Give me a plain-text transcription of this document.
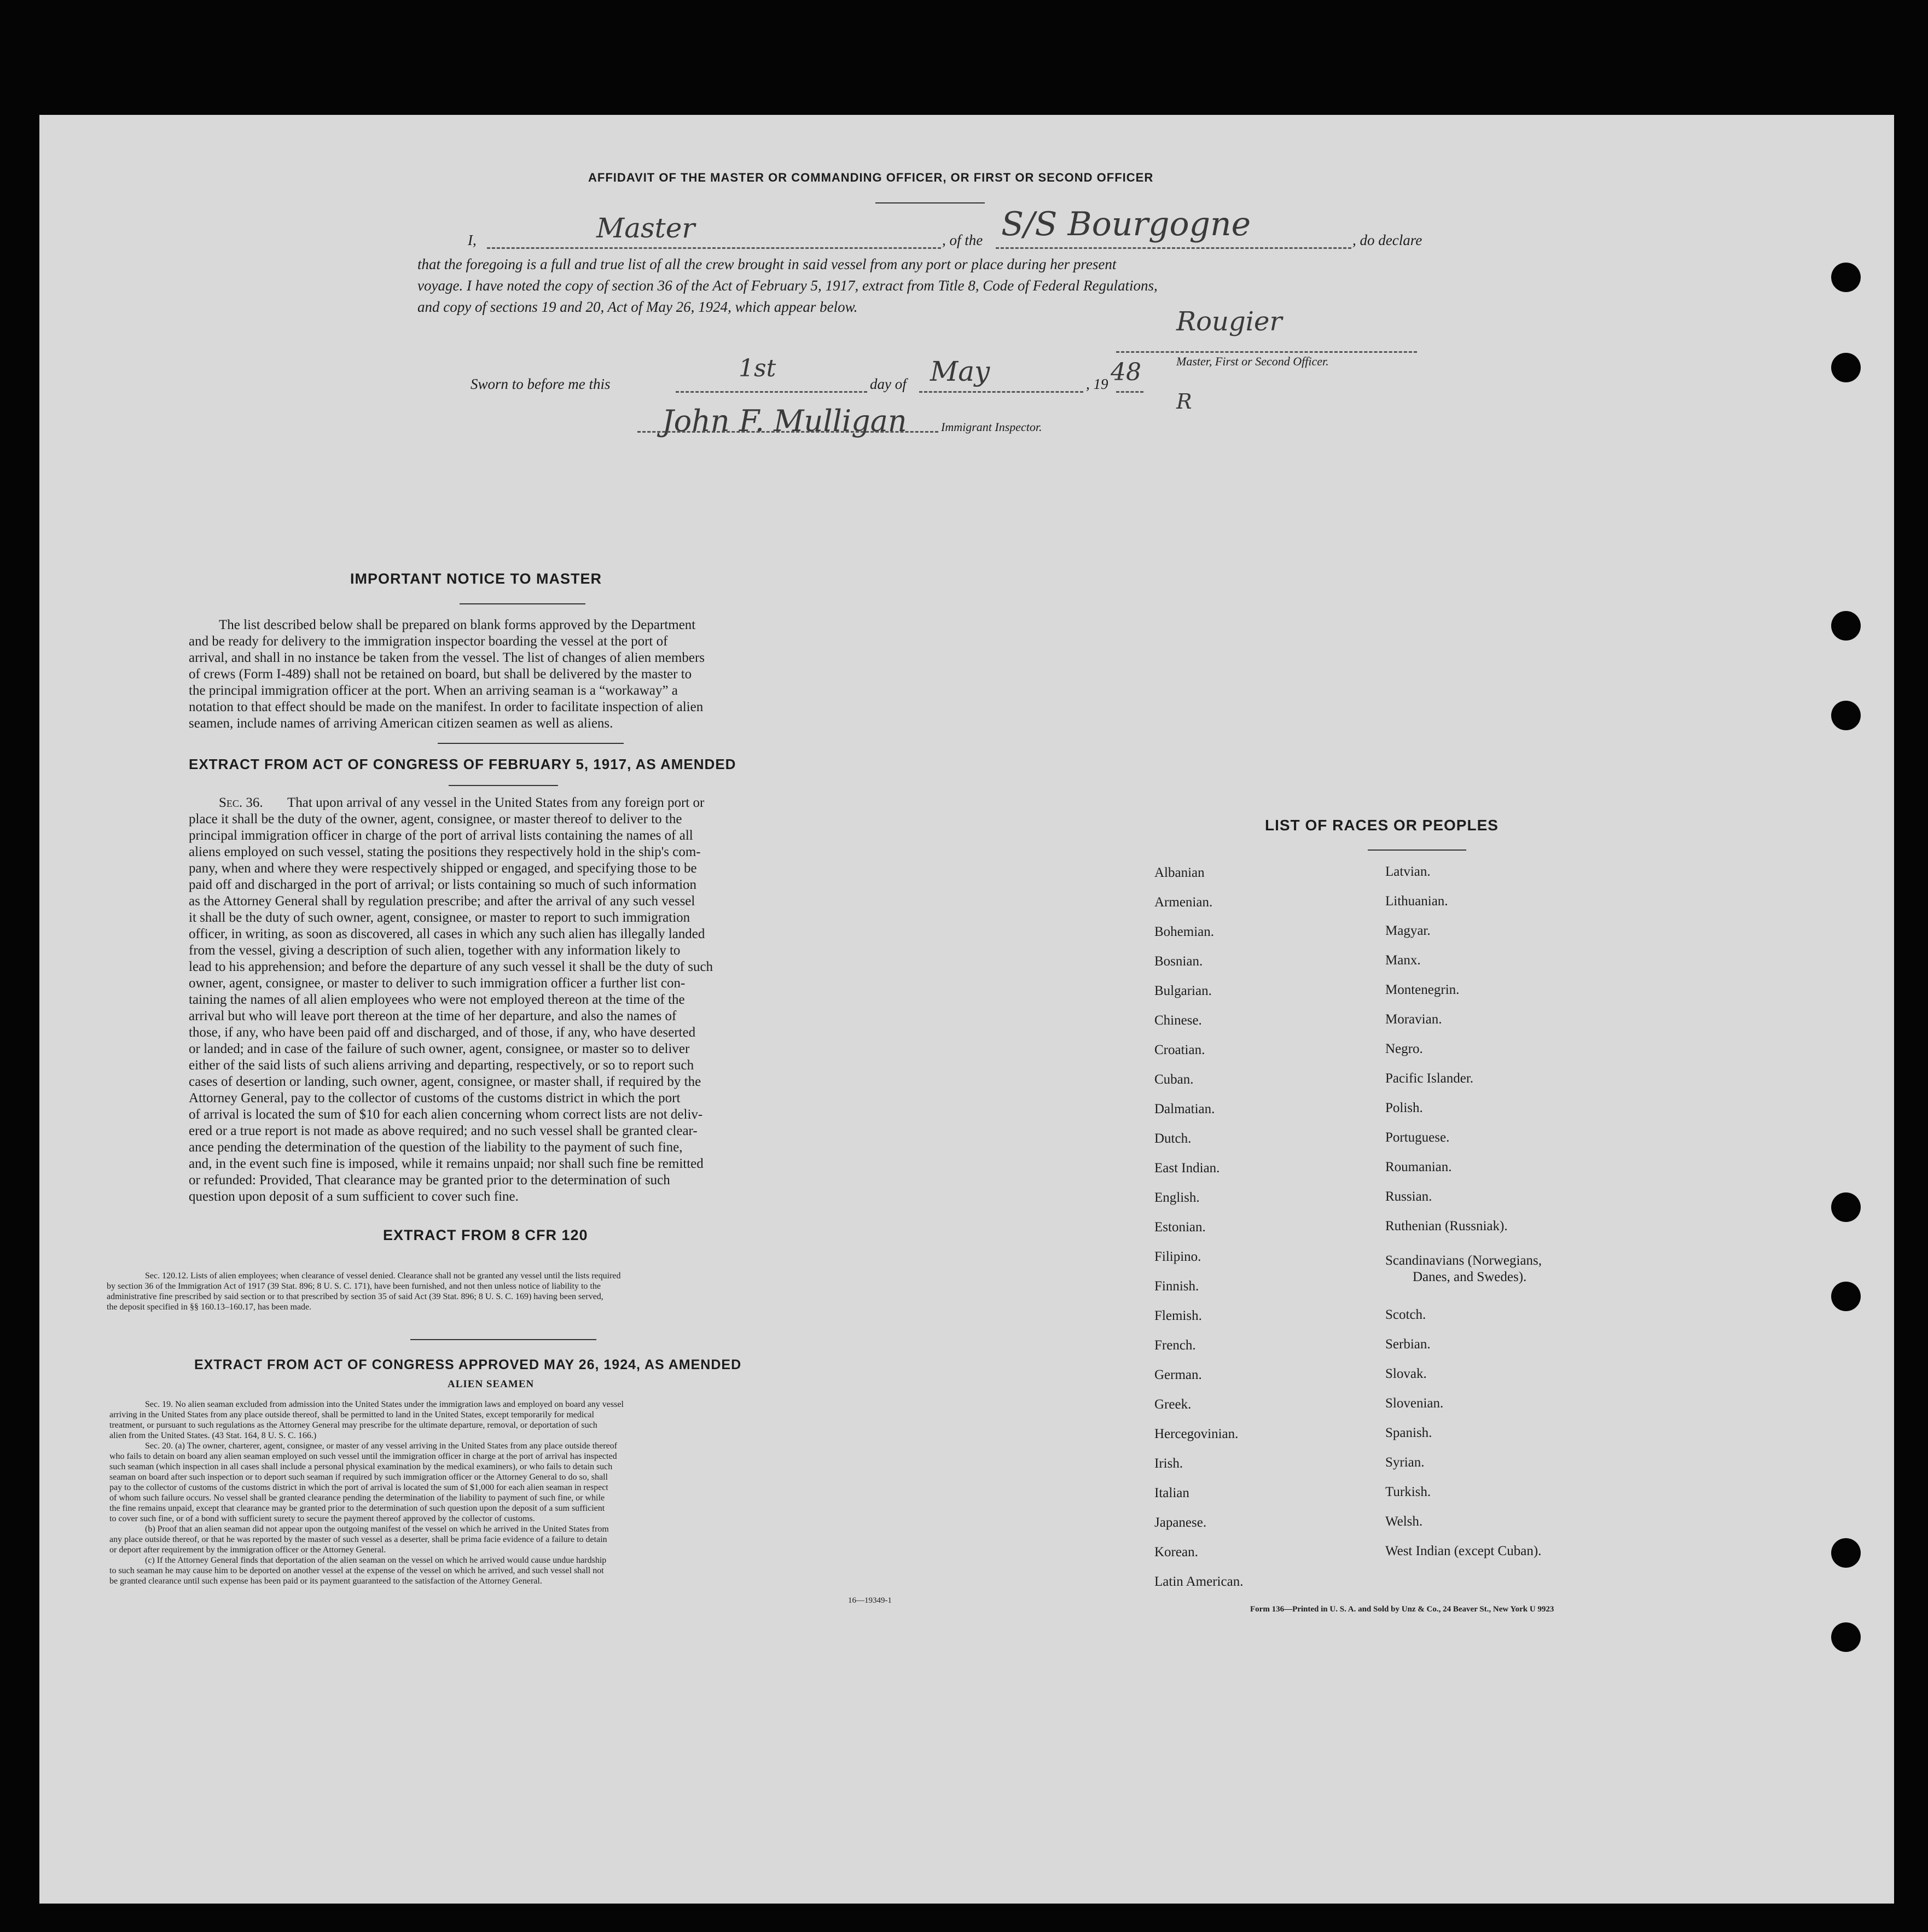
AFFIDAVIT OF THE MASTER OR COMMANDING OFFICER, OR FIRST OR SECOND OFFICER
I,	Master	, of the S/S Bourgogne	, do declare
that the foregoing is a full and true list of all the crew brought in said vessel from any port or place during her present
voyage. I have noted the copy of section 36 of the Act of February 5, 1917, extract from Title 8, Code of Federal Regulations,
and copy of sections 19 and 20, Act of May 26, 1924, which appear below.	Rougier
Master, First or Second Officer.
Sworn to before me this
1st
day of May	, 19 48
R
John F. Mulligan	Immigrant Inspector.
IMPORTANT NOTICE TO MASTER
The list described below shall be prepared on blank forms approved by the Department
and be ready for delivery to the immigration inspector boarding the vessel at the port of
arrival, and shall in no instance be taken from the vessel. The list of changes of alien members
of crews (Form I-489) shall not be retained on board, but shall be delivered by the master to
the principal immigration officer at the port. When an arriving seaman is a “workaway” a
notation to that effect should be made on the manifest. In order to facilitate inspection of alien
seamen, include names of arriving American citizen seamen as well as aliens.
EXTRACT FROM ACT OF CONGRESS OF FEBRUARY 5, 1917, AS AMENDED
Sec. 36. That upon arrival of any vessel in the United States from any foreign port or
place it shall be the duty of the owner, agent, consignee, or master thereof to deliver to the
principal immigration officer in charge of the port of arrival lists containing the names of all
aliens employed on such vessel, stating the positions they respectively hold in the ship's com-
pany, when and where they were respectively shipped or engaged, and specifying those to be
paid off and discharged in the port of arrival; or lists containing so much of such information
as the Attorney General shall by regulation prescribe; and after the arrival of any such vessel
it shall be the duty of such owner, agent, consignee, or master to report to such immigration
officer, in writing, as soon as discovered, all cases in which any such alien has illegally landed
from the vessel, giving a description of such alien, together with any information likely to
lead to his apprehension; and before the departure of any such vessel it shall be the duty of such
owner, agent, consignee, or master to deliver to such immigration officer a further list con-
taining the names of all alien employees who were not employed thereon at the time of the
arrival but who will leave port thereon at the time of her departure, and also the names of
those, if any, who have been paid off and discharged, and of those, if any, who have deserted
or landed; and in case of the failure of such owner, agent, consignee, or master so to deliver
either of the said lists of such aliens arriving and departing, respectively, or so to report such
cases of desertion or landing, such owner, agent, consignee, or master shall, if required by the
Attorney General, pay to the collector of customs of the customs district in which the port
of arrival is located the sum of $10 for each alien concerning whom correct lists are not deliv-
ered or a true report is not made as above required; and no such vessel shall be granted clear-
ance pending the determination of the question of the liability to the payment of such fine,
and, in the event such fine is imposed, while it remains unpaid; nor shall such fine be remitted
or refunded: Provided, That clearance may be granted prior to the determination of such
question upon deposit of a sum sufficient to cover such fine.
EXTRACT FROM 8 CFR 120
Sec. 120.12. Lists of alien employees; when clearance of vessel denied. Clearance shall not be granted any vessel until the lists required
by section 36 of the Immigration Act of 1917 (39 Stat. 896; 8 U. S. C. 171), have been furnished, and not then unless notice of liability to the
administrative fine prescribed by said section or to that prescribed by section 35 of said Act (39 Stat. 896; 8 U. S. C. 169) having been served,
the deposit specified in §§ 160.13–160.17, has been made.
EXTRACT FROM ACT OF CONGRESS APPROVED MAY 26, 1924, AS AMENDED
ALIEN SEAMEN
Sec. 19. No alien seaman excluded from admission into the United States under the immigration laws and employed on board any vessel
arriving in the United States from any place outside thereof, shall be permitted to land in the United States, except temporarily for medical
treatment, or pursuant to such regulations as the Attorney General may prescribe for the ultimate departure, removal, or deportation of such
alien from the United States. (43 Stat. 164, 8 U. S. C. 166.)
Sec. 20. (a) The owner, charterer, agent, consignee, or master of any vessel arriving in the United States from any place outside thereof
who fails to detain on board any alien seaman employed on such vessel until the immigration officer in charge at the port of arrival has inspected
such seaman (which inspection in all cases shall include a personal physical examination by the medical examiners), or who fails to detain such
seaman on board after such inspection or to deport such seaman if required by such immigration officer or the Attorney General to do so, shall
pay to the collector of customs of the customs district in which the port of arrival is located the sum of $1,000 for each alien seaman in respect
of whom such failure occurs. No vessel shall be granted clearance pending the determination of the liability to payment of such fine, or while
the fine remains unpaid, except that clearance may be granted prior to the determination of such question upon the deposit of a sum sufficient
to cover such fine, or of a bond with sufficient surety to secure the payment thereof approved by the collector of customs.
(b) Proof that an alien seaman did not appear upon the outgoing manifest of the vessel on which he arrived in the United States from
any place outside thereof, or that he was reported by the master of such vessel as a deserter, shall be prima facie evidence of a failure to detain
or deport after requirement by the immigration officer or the Attorney General.
(c) If the Attorney General finds that deportation of the alien seaman on the vessel on which he arrived would cause undue hardship
to such seaman he may cause him to be deported on another vessel at the expense of the vessel on which he arrived, and such vessel shall not
be granted clearance until such expense has been paid or its payment guaranteed to the satisfaction of the Attorney General.
16—19349-1
LIST OF RACES OR PEOPLES
Albanian
Armenian.
Bohemian.
Bosnian.
Bulgarian.
Chinese.
Croatian.
Cuban.
Dalmatian.
Dutch.
East Indian.
English.
Estonian.
Filipino.
Finnish.
Flemish.
French.
German.
Greek.
Hercegovinian.
Irish.
Italian
Japanese.
Korean.
Latin American.
Latvian.
Lithuanian.
Magyar.
Manx.
Montenegrin.
Moravian.
Negro.
Pacific Islander.
Polish.
Portuguese.
Roumanian.
Russian.
Ruthenian (Russniak).
Scandinavians (Norwegians,
Danes, and Swedes).
Scotch.
Serbian.
Slovak.
Slovenian.
Spanish.
Syrian.
Turkish.
Welsh.
West Indian (except Cuban).
Form 136—Printed in U. S. A. and Sold by Unz & Co., 24 Beaver St., New York U 9923
